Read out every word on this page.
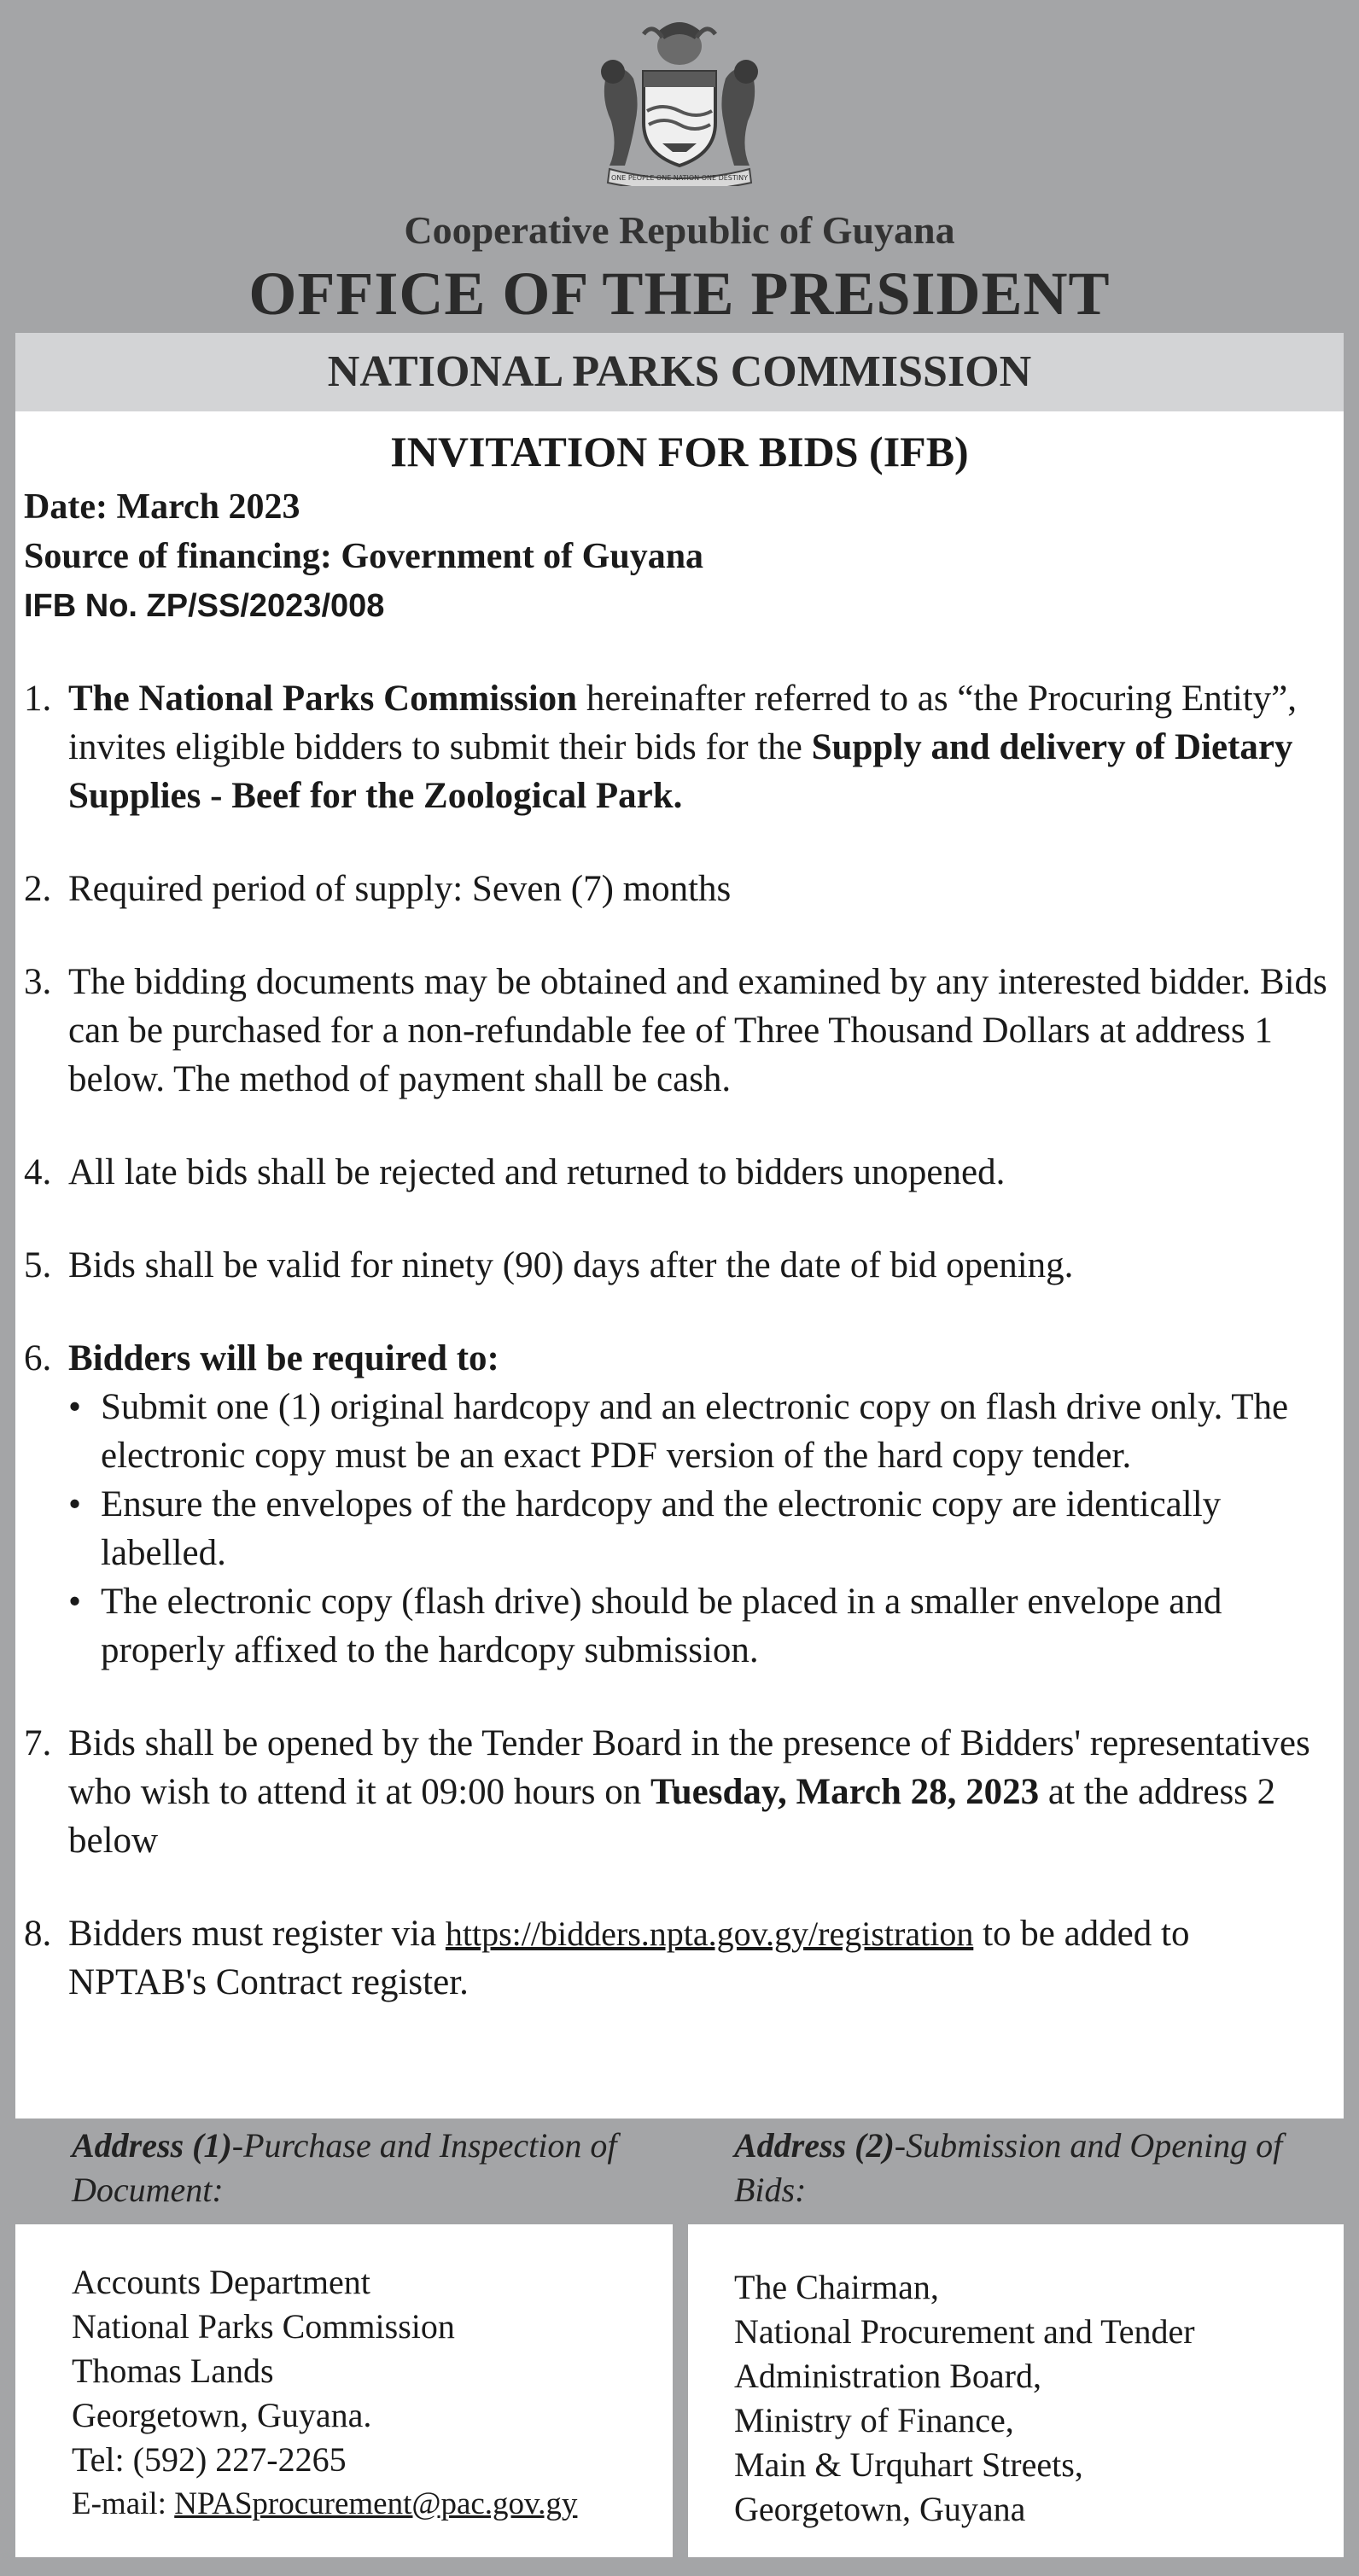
ONE PEOPLE ONE NATION ONE DESTINY
Cooperative Republic of Guyana
OFFICE OF THE PRESIDENT
NATIONAL PARKS COMMISSION
INVITATION FOR BIDS (IFB)
Date: March 2023
Source of financing: Government of Guyana
IFB No. ZP/SS/2023/008
1. The National Parks Commission hereinafter referred to as “the Procuring Entity”, invites eligible bidders to submit their bids for the Supply and delivery of Dietary Supplies - Beef for the Zoological Park.
2. Required period of supply: Seven (7) months
3. The bidding documents may be obtained and examined by any interested bidder. Bids can be purchased for a non-refundable fee of Three Thousand Dollars at address 1 below. The method of payment shall be cash.
4. All late bids shall be rejected and returned to bidders unopened.
5. Bids shall be valid for ninety (90) days after the date of bid opening.
6. Bidders will be required to:
• Submit one (1) original hardcopy and an electronic copy on flash drive only. The electronic copy must be an exact PDF version of the hard copy tender.
• Ensure the envelopes of the hardcopy and the electronic copy are identically labelled.
• The electronic copy (flash drive) should be placed in a smaller envelope and properly affixed to the hardcopy submission.
7. Bids shall be opened by the Tender Board in the presence of Bidders' representatives who wish to attend it at 09:00 hours on Tuesday, March 28, 2023 at the address 2 below
8. Bidders must register via https://bidders.npta.gov.gy/registration to be added to NPTAB's Contract register.
Address (1)-Purchase and Inspection of Document:
Address (2)-Submission and Opening of Bids:
Accounts Department
National Parks Commission
Thomas Lands
Georgetown, Guyana.
Tel: (592) 227-2265
E-mail: NPASprocurement@pac.gov.gy
The Chairman,
National Procurement and Tender
Administration Board,
Ministry of Finance,
Main & Urquhart Streets,
Georgetown, Guyana
